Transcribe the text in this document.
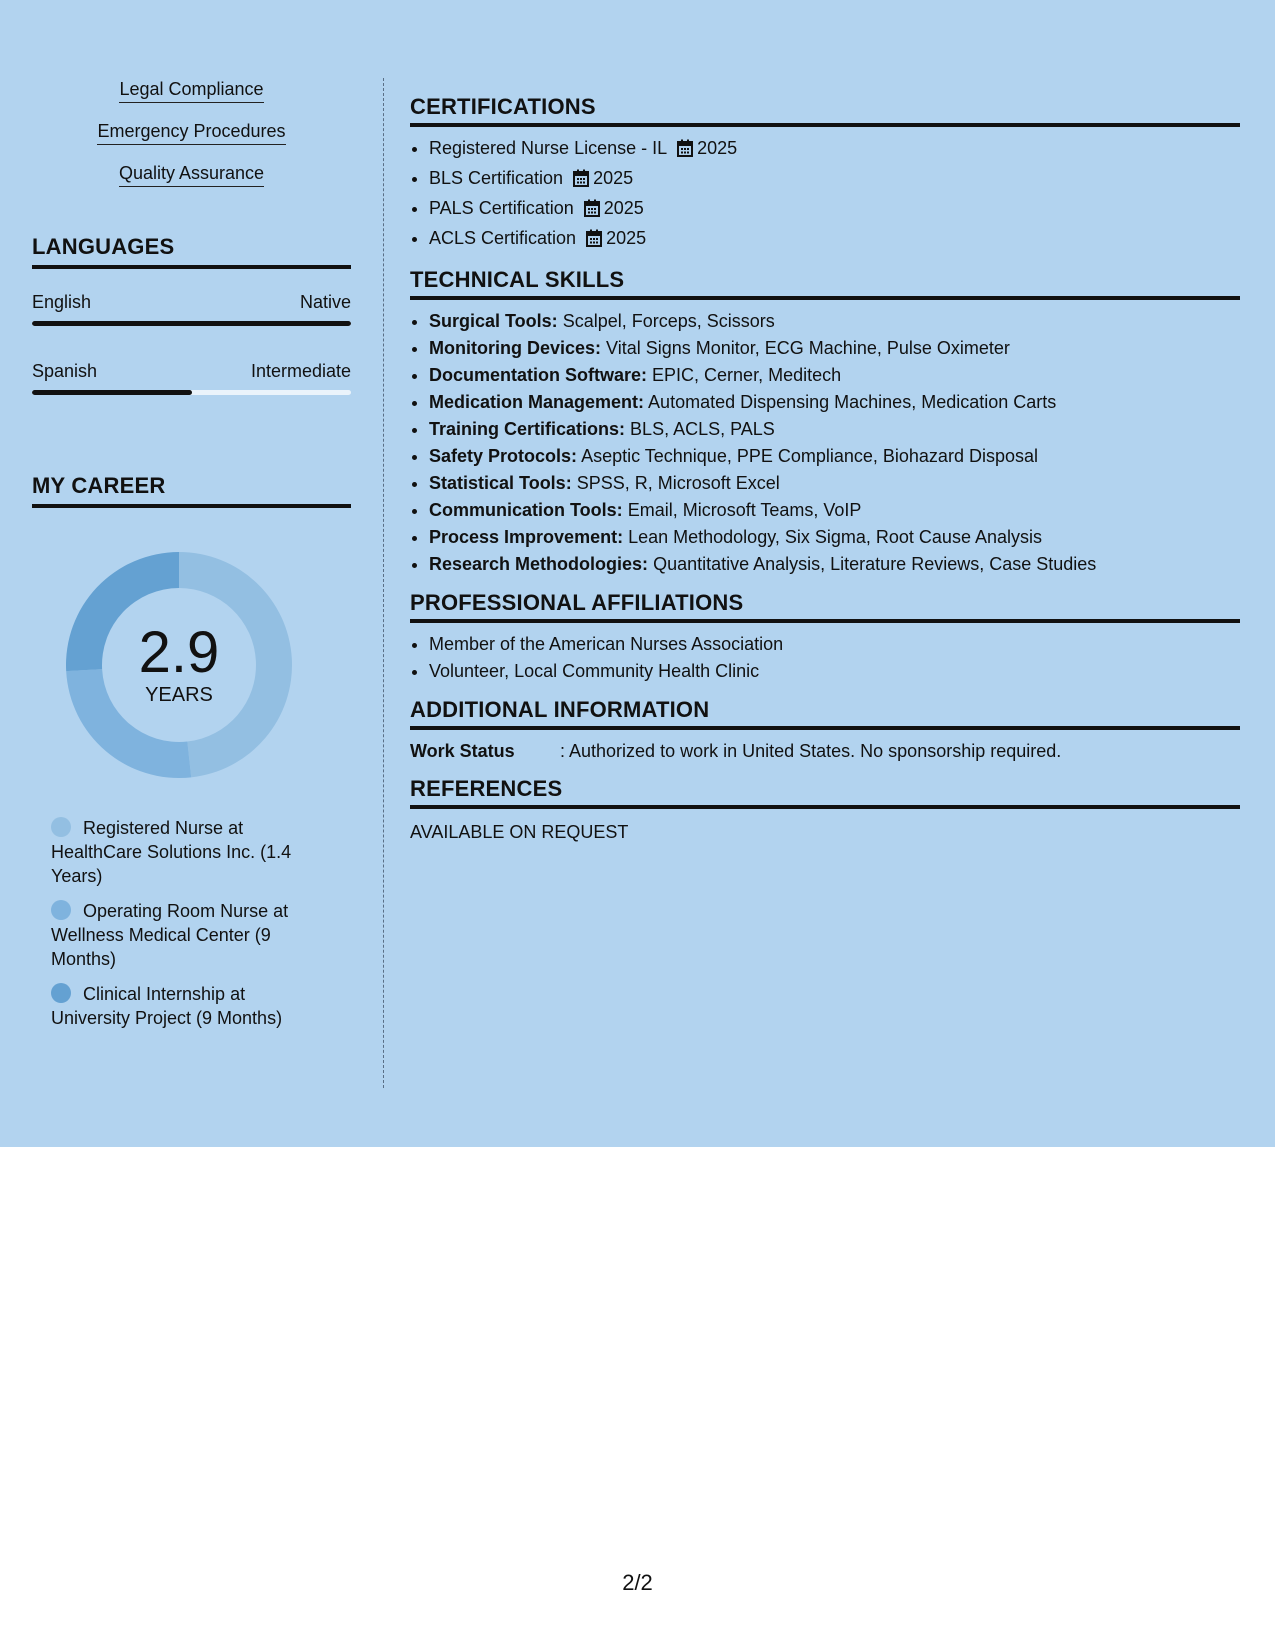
Legal Compliance
Emergency Procedures
Quality Assurance
LANGUAGES
English	Native
Spanish	Intermediate
MY CAREER
2.9
YEARS
Registered Nurse at HealthCare Solutions Inc. (1.4 Years)
Operating Room Nurse at Wellness Medical Center (9 Months)
Clinical Internship at University Project (9 Months)
CERTIFICATIONS
• Registered Nurse License - IL 2025
• BLS Certification 2025
• PALS Certification 2025
• ACLS Certification 2025
TECHNICAL SKILLS
• Surgical Tools: Scalpel, Forceps, Scissors
• Monitoring Devices: Vital Signs Monitor, ECG Machine, Pulse Oximeter
• Documentation Software: EPIC, Cerner, Meditech
• Medication Management: Automated Dispensing Machines, Medication Carts
• Training Certifications: BLS, ACLS, PALS
• Safety Protocols: Aseptic Technique, PPE Compliance, Biohazard Disposal
• Statistical Tools: SPSS, R, Microsoft Excel
• Communication Tools: Email, Microsoft Teams, VoIP
• Process Improvement: Lean Methodology, Six Sigma, Root Cause Analysis
• Research Methodologies: Quantitative Analysis, Literature Reviews, Case Studies
PROFESSIONAL AFFILIATIONS
• Member of the American Nurses Association
• Volunteer, Local Community Health Clinic
ADDITIONAL INFORMATION
Work Status	: Authorized to work in United States. No sponsorship required.
REFERENCES
AVAILABLE ON REQUEST
2/2
